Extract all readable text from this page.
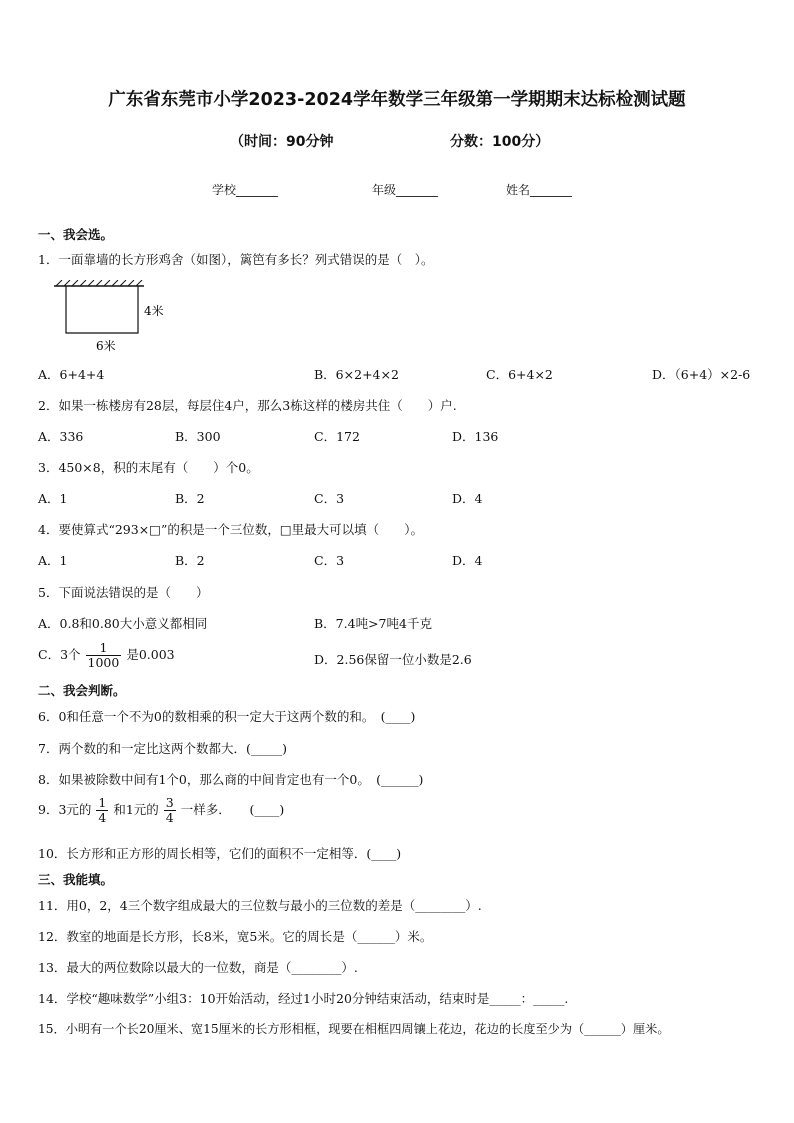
广东省东莞市小学2023-2024学年数学三年级第一学期期末达标检测试题
（时间：90分钟	分数：100分）
学校_______	年级_______	姓名_______
一、我会选。
1．一面靠墙的长方形鸡舍（如图），篱笆有多长？列式错误的是（　）。
4米
6米
A．6+4+4	B．6×2+4×2	C．6+4×2	D．（6+4）×2-6
2．如果一栋楼房有28层，每层住4户，那么3栋这样的楼房共住（　　）户.
A．336	B．300	C．172	D．136
3．450×8，积的末尾有（　　）个0。
A．1	B．2	C．3	D．4
4．要使算式“293×□”的积是一个三位数，□里最大可以填（　　）。
A．1	B．2	C．3	D．4
5．下面说法错误的是（　　）
A．0.8和0.80大小意义都相同	B．7.4吨>7吨4千克
C．3个 $\frac{1}{1000}$ 是0.003	D．2.56保留一位小数是2.6
二、我会判断。
6．0和任意一个不为0的数相乘的积一定大于这两个数的和。　(____)
7．两个数的和一定比这两个数都大．(_____)
8．如果被除数中间有1个0，那么商的中间肯定也有一个0。　(______)
9．3元的 $\frac{1}{4}$ 和1元的 $\frac{3}{4}$ 一样多．　　(____)
10．长方形和正方形的周长相等，它们的面积不一定相等．(____)
三、我能填。
11．用0，2，4三个数字组成最大的三位数与最小的三位数的差是（________）.
12．教室的地面是长方形，长8米，宽5米。它的周长是（______）米。
13．最大的两位数除以最大的一位数，商是（________）.
14．学校“趣味数学”小组3：10开始活动，经过1小时20分钟结束活动，结束时是_____：_____.
15．小明有一个长20厘米、宽15厘米的长方形相框，现要在相框四周镶上花边，花边的长度至少为（______）厘米。
